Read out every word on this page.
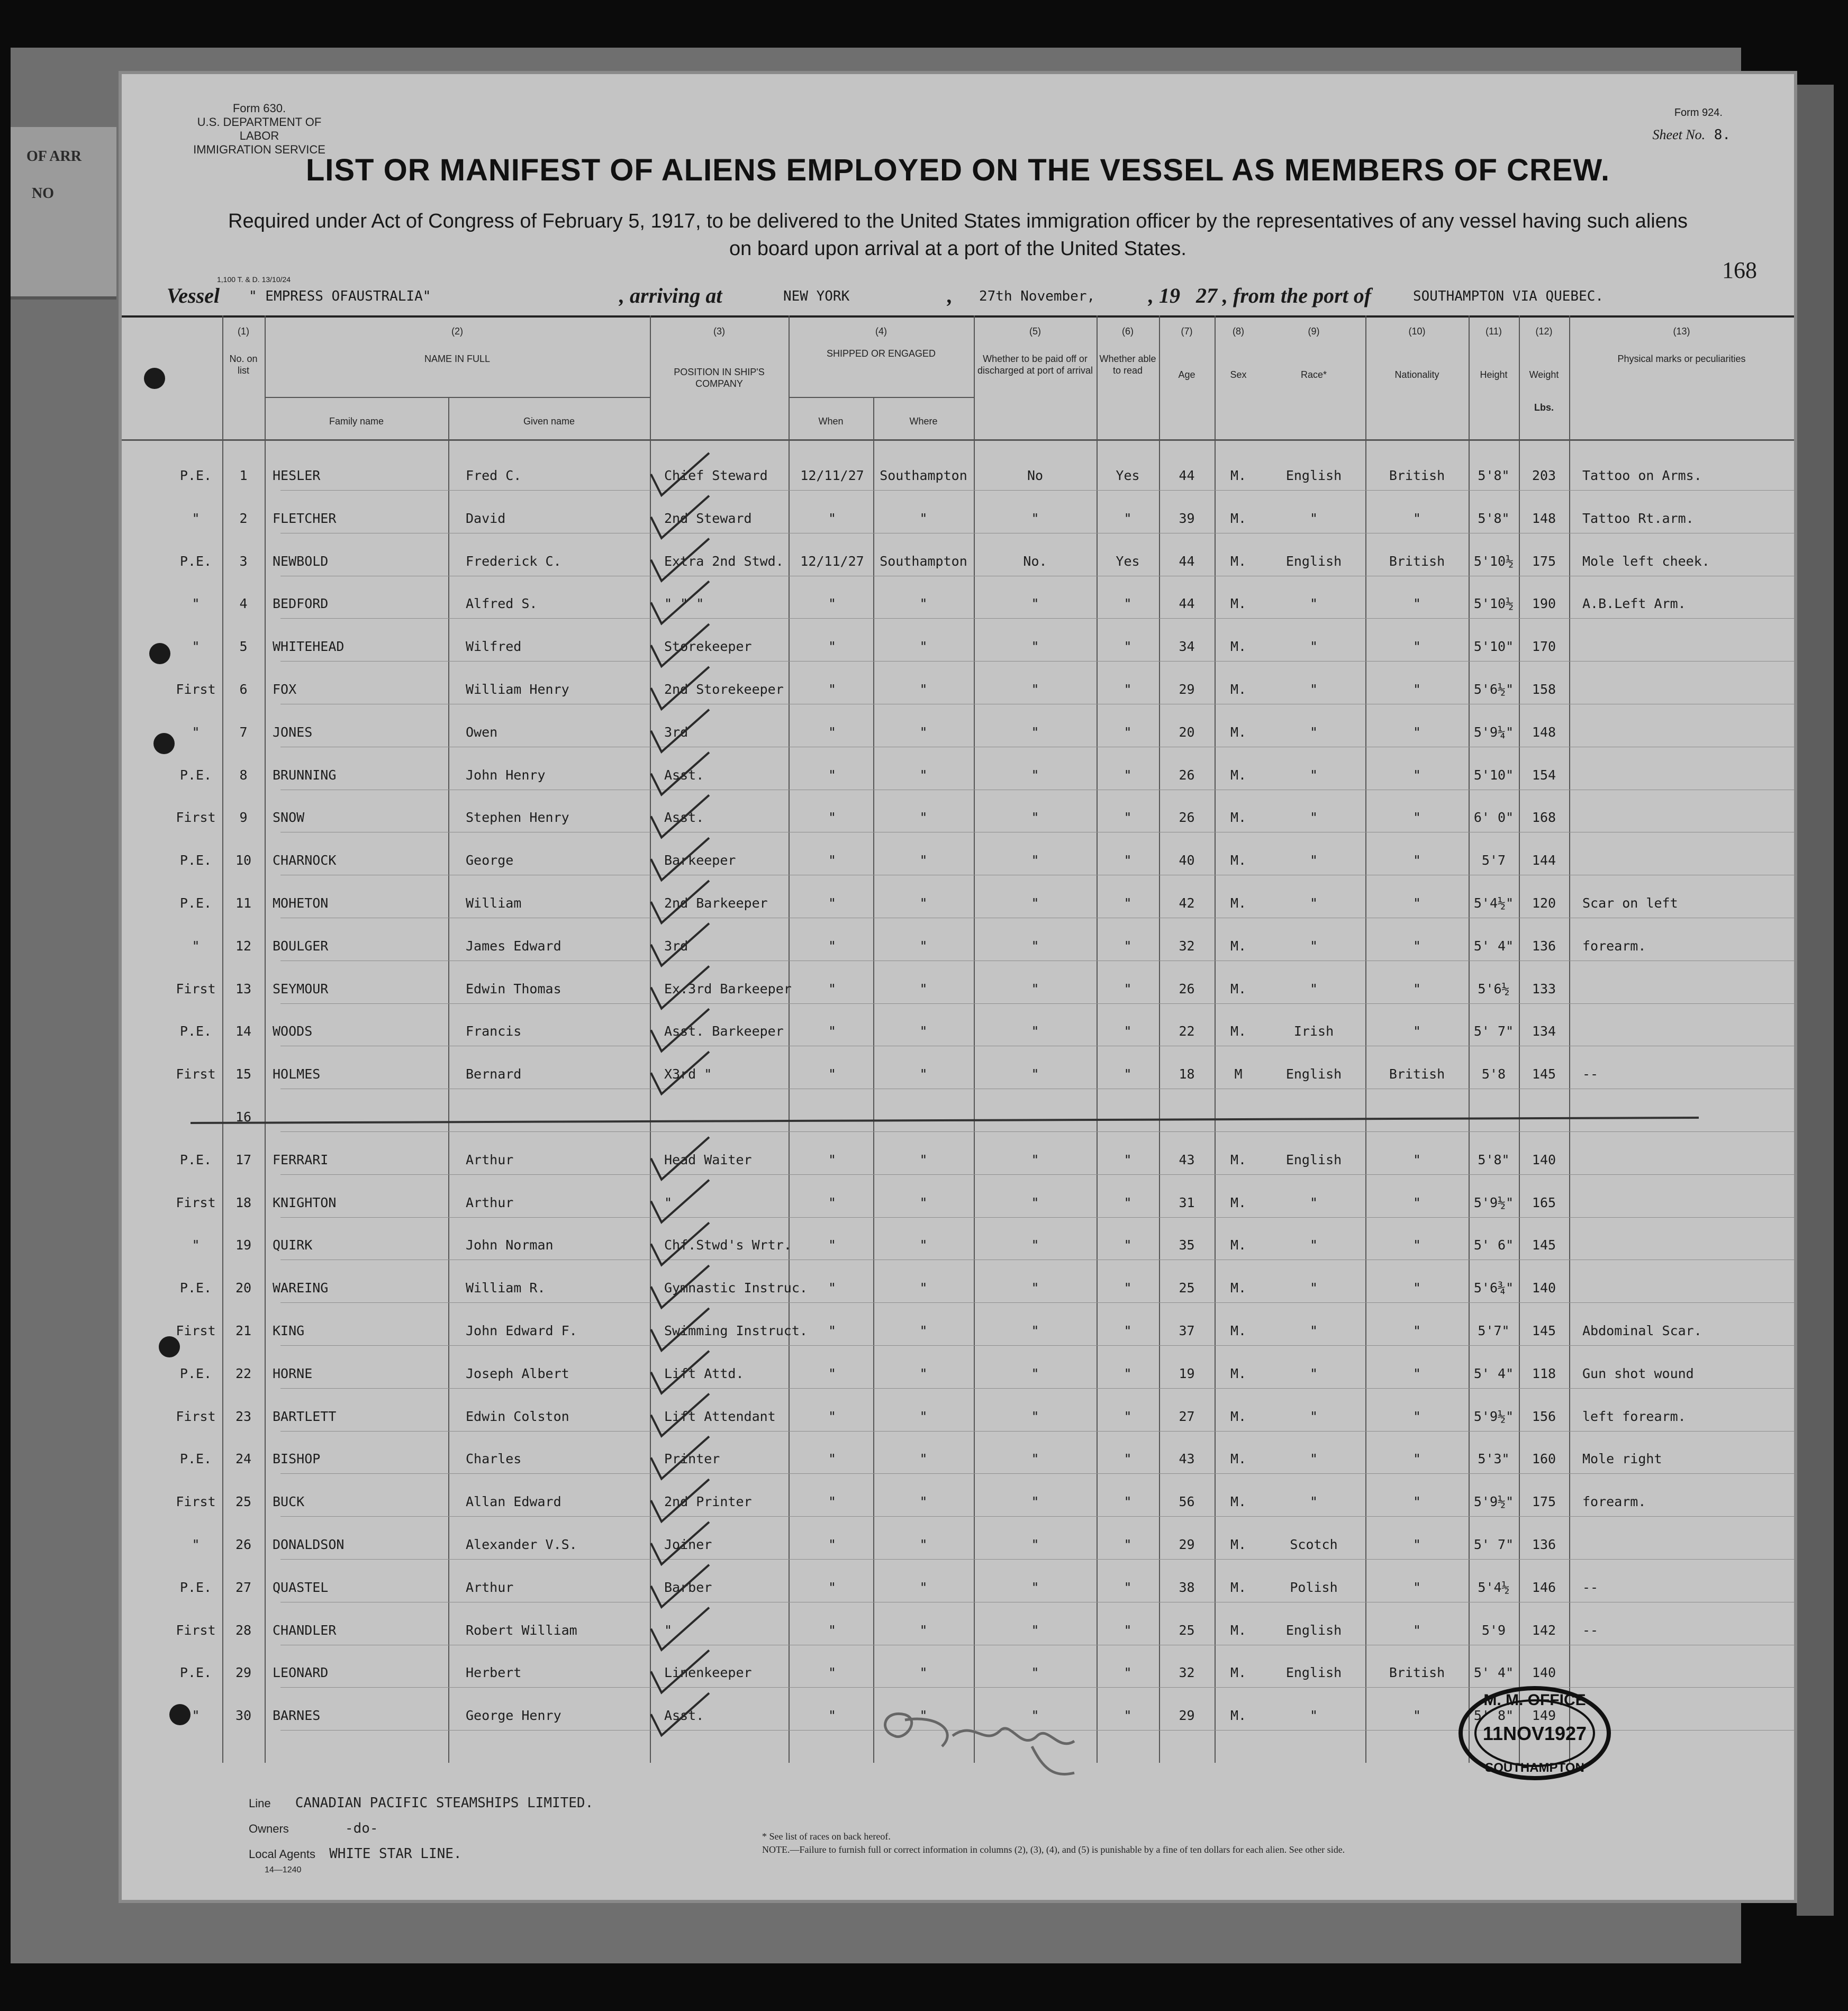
OF ARR
NO
Form 630.
U.S. DEPARTMENT OF LABOR
IMMIGRATION SERVICE
Form 924.
Sheet No. 8.
LIST OR MANIFEST OF ALIENS EMPLOYED ON THE VESSEL AS MEMBERS OF CREW.
Required under Act of Congress of February 5, 1917, to be delivered to the United States immigration officer by the representatives of any vessel having such aliens on board upon arrival at a port of the United States.
1,100 T. & D. 13/10/24	168
Vessel " EMPRESS OFAUSTRALIA"	, arriving at	NEW YORK	, 27th November,	, 19 27 , from the port of	SOUTHAMPTON VIA QUEBEC.
(1)
No. on list
(2)
NAME IN FULL
Family name	Given name
(3)
POSITION IN SHIP'S COMPANY
(4)
SHIPPED OR ENGAGED
When	Where
(5)
Whether to be paid off or discharged at port of arrival
(6)
Whether able to read
(7)
Age
(8)
Sex
(9)
Race*
(10)
Nationality
(11)
Height
(12)
Weight
Lbs.
(13)
Physical marks or peculiarities
P.E.	1	HESLER	Fred C.	Chief Steward	12/11/27	Southampton	No	Yes	44	M.	English	British	5'8"	203	Tattoo on Arms.
"	2	FLETCHER	David	2nd Steward	"	"	"	"	39	M.	"	"	5'8"	148	Tattoo Rt.arm.
P.E.	3	NEWBOLD	Frederick C.	Extra 2nd Stwd.	12/11/27	Southampton	No.	Yes	44	M.	English	British	5'10½	175	Mole left cheek.
"	4	BEDFORD	Alfred S.	" " "	"	"	"	"	44	M.	"	"	5'10½	190	A.B.Left Arm.
"	5	WHITEHEAD	Wilfred	Storekeeper	"	"	"	"	34	M.	"	"	5'10"	170
First	6	FOX	William Henry	2nd Storekeeper	"	"	"	"	29	M.	"	"	5'6½"	158
"	7	JONES	Owen	3rd	"	"	"	"	20	M.	"	"	5'9¼"	148
P.E.	8	BRUNNING	John Henry	Asst.	"	"	"	"	26	M.	"	"	5'10"	154
First	9	SNOW	Stephen Henry	Asst.	"	"	"	"	26	M.	"	"	6' 0"	168
P.E.	10	CHARNOCK	George	Barkeeper	"	"	"	"	40	M.	"	"	5'7	144
P.E.	11	MOHETON	William	2nd Barkeeper	"	"	"	"	42	M.	"	"	5'4½"	120	Scar on left
"	12	BOULGER	James Edward	3rd	"	"	"	"	32	M.	"	"	5' 4"	136	forearm.
First	13	SEYMOUR	Edwin Thomas	Ex.3rd Barkeeper	"	"	"	"	26	M.	"	"	5'6½	133
P.E.	14	WOODS	Francis	Asst. Barkeeper	"	"	"	"	22	M.	Irish	"	5' 7"	134
First	15	HOLMES	Bernard	X3rd "	"	"	"	"	18	M	English	British	5'8	145	--
16
P.E.	17	FERRARI	Arthur	Head Waiter	"	"	"	"	43	M.	English	"	5'8"	140
First	18	KNIGHTON	Arthur	"	"	"	"	"	31	M.	"	"	5'9½"	165
"	19	QUIRK	John Norman	Chf.Stwd's Wrtr.	"	"	"	"	35	M.	"	"	5' 6"	145
P.E.	20	WAREING	William R.	Gymnastic Instruc.	"	"	"	"	25	M.	"	"	5'6¾"	140
First	21	KING	John Edward F.	Swimming Instruct.	"	"	"	"	37	M.	"	"	5'7"	145	Abdominal Scar.
P.E.	22	HORNE	Joseph Albert	Lift Attd.	"	"	"	"	19	M.	"	"	5' 4"	118	Gun shot wound
First	23	BARTLETT	Edwin Colston	Lift Attendant	"	"	"	"	27	M.	"	"	5'9½"	156	left forearm.
P.E.	24	BISHOP	Charles	Printer	"	"	"	"	43	M.	"	"	5'3"	160	Mole right
First	25	BUCK	Allan Edward	2nd Printer	"	"	"	"	56	M.	"	"	5'9½"	175	forearm.
"	26	DONALDSON	Alexander V.S.	Joiner	"	"	"	"	29	M.	Scotch	"	5' 7"	136
P.E.	27	QUASTEL	Arthur	Barber	"	"	"	"	38	M.	Polish	"	5'4½	146	--
First	28	CHANDLER	Robert William	"	"	"	"	"	25	M.	English	"	5'9	142	--
P.E.	29	LEONARD	Herbert	Linenkeeper	"	"	"	"	32	M.	English	British	5' 4"	140
"	30	BARNES	George Henry	Asst.	"	"	"	"	29	M.	"	"	5' 8"	149
M. M. OFFICE
11NOV1927
SOUTHAMPTON
Line CANADIAN PACIFIC STEAMSHIPS LIMITED.
Owners	-do-
Local Agents WHITE STAR LINE.
14—1240
* See list of races on back hereof.
NOTE.—Failure to furnish full or correct information in columns (2), (3), (4), and (5) is punishable by a fine of ten dollars for each alien. See other side.
